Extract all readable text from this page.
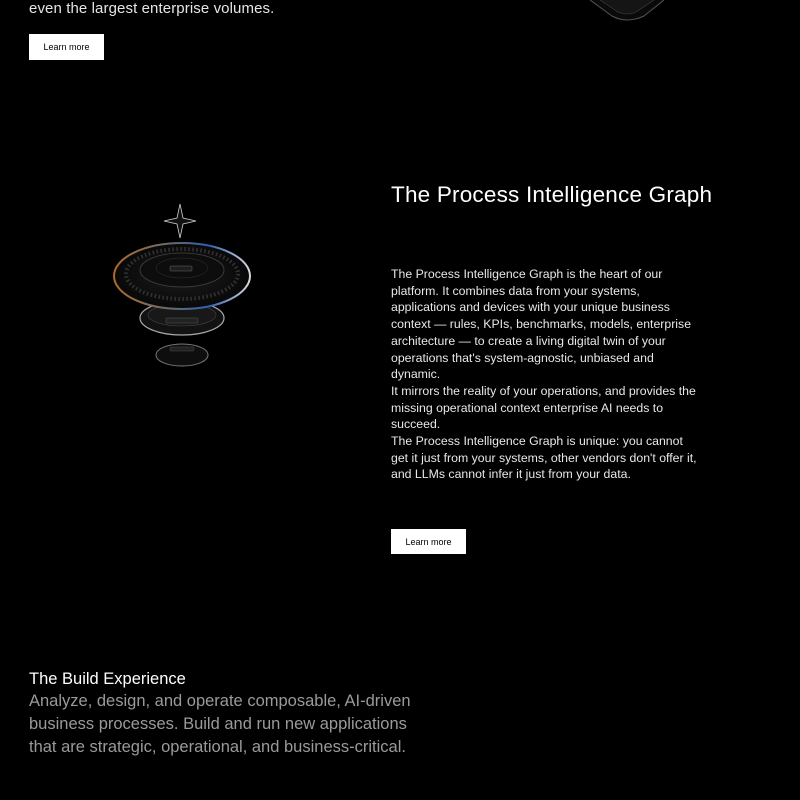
even the largest enterprise volumes.
Learn more
The Process Intelligence Graph

The Process Intelligence Graph is the heart of our platform. It combines data from your systems, applications and devices with your unique business context — rules, KPIs, benchmarks, models, enterprise architecture — to create a living digital twin of your operations that's system-agnostic, unbiased and dynamic.

It mirrors the reality of your operations, and provides the missing operational context enterprise AI needs to succeed.

The Process Intelligence Graph is unique: you cannot get it just from your systems, other vendors don't offer it, and LLMs cannot infer it just from your data.

Learn more
The Build Experience
Analyze, design, and operate composable, AI-driven business processes. Build and run new applications that are strategic, operational, and business-critical.
